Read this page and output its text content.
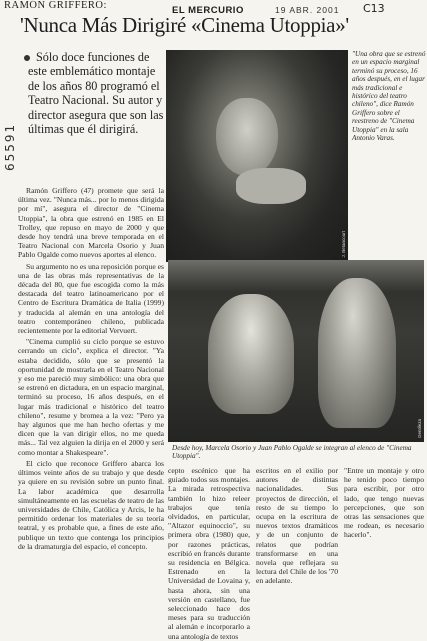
RAMÓN GRIFFERO:	EL MERCURIO	19 ABR. 2001 C13
65591
'Nunca Más Dirigiré «Cinema Utoppia»'
Sólo doce funciones de este emblemático montaje de los años 80 programó el Teatro Nacional. Su autor y director asegura que son las últimas que él dirigirá.
J. Betancourt
"Una obra que se estrenó en un espacio marginal terminó su proceso, 16 años después, en el lugar más tradicional e histórico del teatro chileno", dice Ramón Griffero sobre el reestreno de "Cinema Utoppia" en la sala Antonio Varas.

Ramón Griffero (47) promete que será la última vez. "Nunca más... por lo menos dirigida por mí", asegura el director de "Cinema Utoppia", la obra que estrenó en 1985 en El Trolley, que repuso en mayo de 2000 y que desde hoy tendrá una breve temporada en el Teatro Nacional con Marcela Osorio y Juan Pablo Ogalde como nuevos aportes al elenco.

Su argumento no es una reposición porque es una de las obras más representativas de la década del 80, que fue escogida como la más destacada del teatro latinoamericano por el Centro de Escritura Dramática de Italia (1999) y traducida al alemán en una antología del teatro contemporáneo chileno, publicada recientemente por la editorial Vervuert.

"Cinema cumplió su ciclo porque se estuvo cerrando un ciclo", explica el director. "Ya estaba decidido, sólo que se presentó la oportunidad de mostrarla en el Teatro Nacional y eso me pareció muy simbólico: una obra que se estrenó en dictadura, en un espacio marginal, terminó su proceso, 16 años después, en el lugar más tradicional e histórico del teatro chileno", resume y bromea a la vez: "Pero ya hay algunos que me han hecho ofertas y me dicen que la van dirigir ellos, no me queda más... Tal vez alguien la dirija en el 2000 y será como montar a Shakespeare".

El ciclo que reconoce Griffero abarca los últimos veinte años de su trabajo y que desde ya quiere en su revisión sobre un punto final. La labor académica que desarrolla simultáneamente en las escuelas de teatro de las universidades de Chile, Católica y Arcis, le ha permitido ordenar los materiales de su teoría teatral, y es probable que, a fines de este año, publique un texto que contenga los principios de la dramaturgia del espacio, el concepto.

Gentileza
Desde hoy, Marcela Osorio y Juan Pablo Ogalde se integran al elenco de "Cinema Utoppia".

cepto escénico que ha guiado todos sus montajes. La mirada retrospectiva también lo hizo releer trabajos que tenía olvidados, en particular, "Altazor equinoccio", su primera obra (1980) que, por razones prácticas, escribió en francés durante su residencia en Bélgica. Estrenado en la Universidad de Lovaina y, hasta ahora, sin una versión en castellano, fue seleccionado hace dos meses para su traducción al alemán e incorporarlo a una antología de textos

escritos en el exilio por autores de distintas nacionalidades. Sus proyectos de dirección, el resto de su tiempo lo ocupa en la escritura de nuevos textos dramáticos y de un conjunto de relatos que podrían transformarse en una novela que reflejara su lectura del Chile de los '70 en adelante.

"Entre un montaje y otro he tenido poco tiempo para escribir, por otro lado, que tengo nuevas percepciones, que son otras las sensaciones que me rodean, es necesario hacerlo".
